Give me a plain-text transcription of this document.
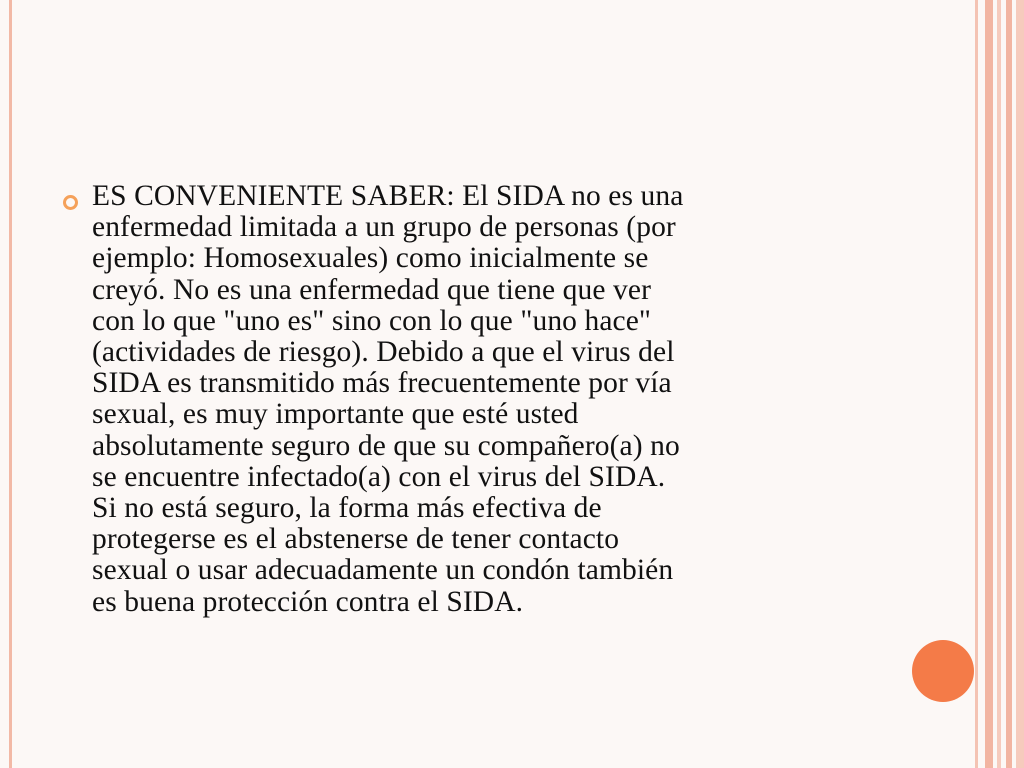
ES CONVENIENTE SABER: El SIDA no es una
enfermedad limitada a un grupo de personas (por
ejemplo: Homosexuales) como inicialmente se
creyó. No es una enfermedad que tiene que ver
con lo que "uno es" sino con lo que "uno hace"
(actividades de riesgo). Debido a que el virus del
SIDA es transmitido más frecuentemente por vía
sexual, es muy importante que esté usted
absolutamente seguro de que su compañero(a) no
se encuentre infectado(a) con el virus del SIDA.
Si no está seguro, la forma más efectiva de
protegerse es el abstenerse de tener contacto
sexual o usar adecuadamente un condón también
es buena protección contra el SIDA.
